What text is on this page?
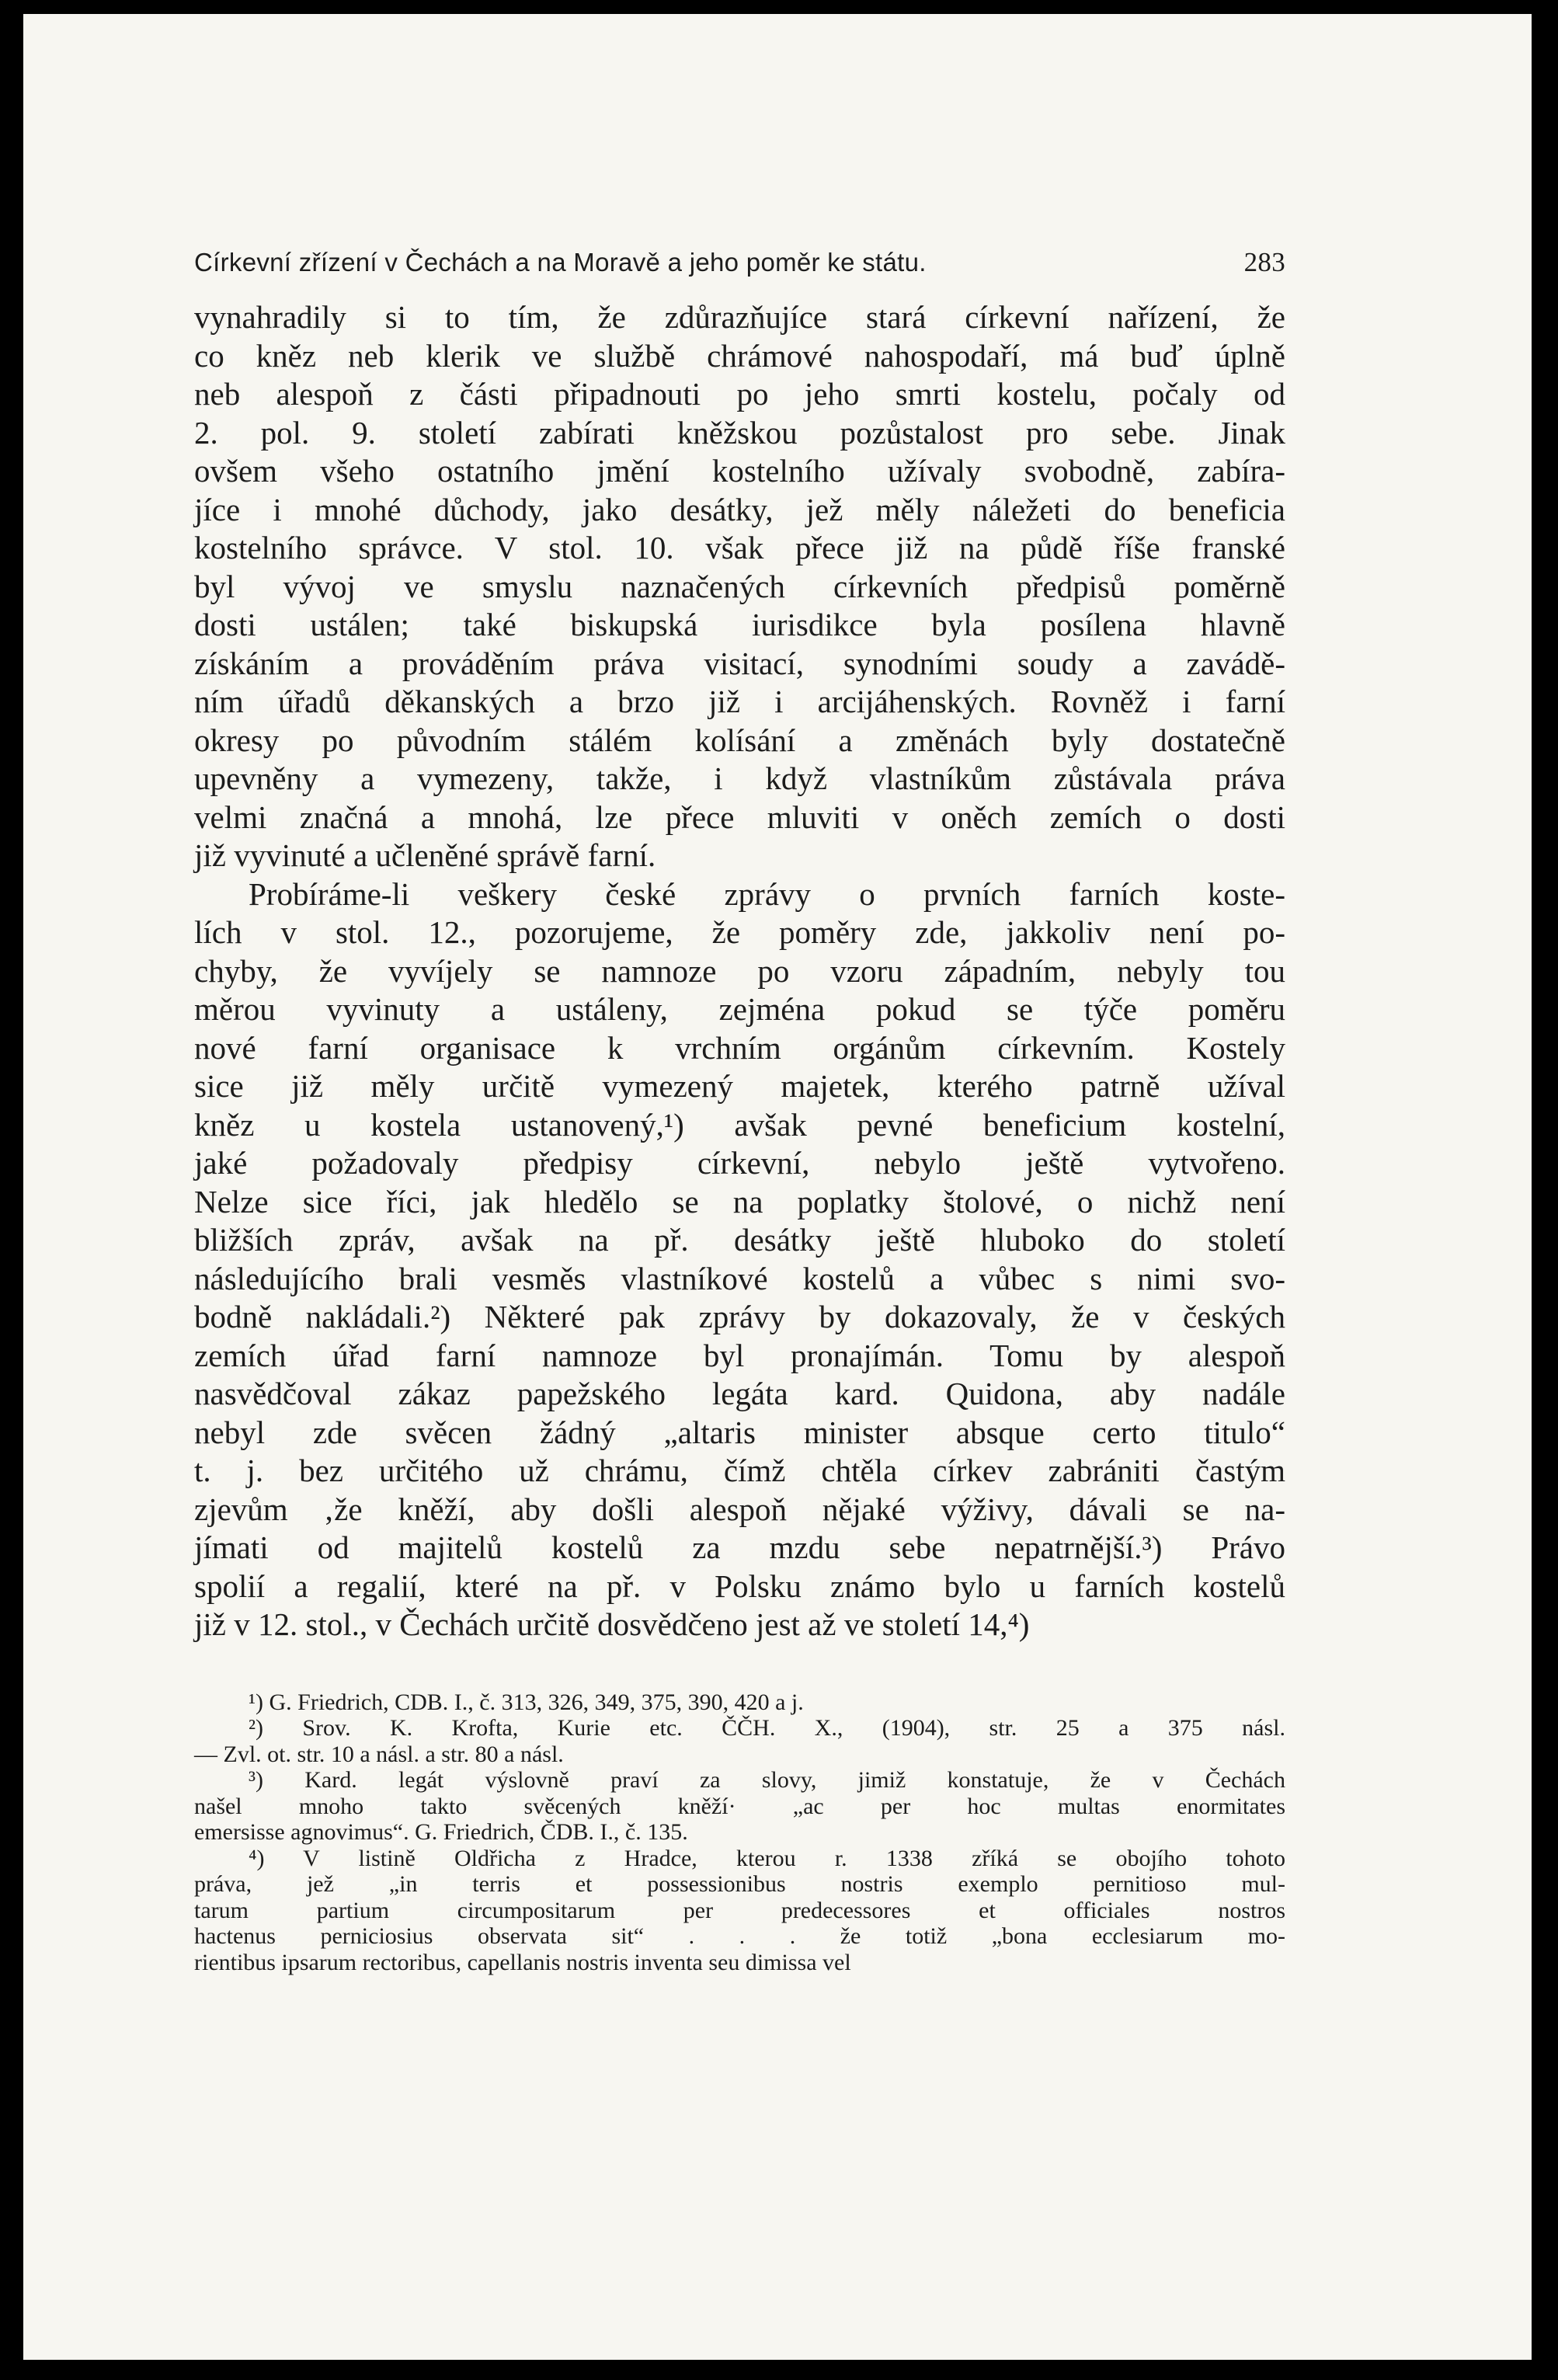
Církevní zřízení v Čechách a na Moravě a jeho poměr ke státu.	283
vynahradily si to tím, že zdůrazňujíce stará církevní nařízení, že
co kněz neb klerik ve službě chrámové nahospodaří, má buď úplně
neb alespoň z části připadnouti po jeho smrti kostelu, počaly od
2. pol. 9. století zabírati kněžskou pozůstalost pro sebe. Jinak
ovšem všeho ostatního jmění kostelního užívaly svobodně, zabíra-
jíce i mnohé důchody, jako desátky, jež měly náležeti do beneficia
kostelního správce. V stol. 10. však přece již na půdě říše franské
byl vývoj ve smyslu naznačených církevních předpisů poměrně
dosti ustálen; také biskupská iurisdikce byla posílena hlavně
získáním a prováděním práva visitací, synodními soudy a zavádě-
ním úřadů děkanských a brzo již i arcijáhenských. Rovněž i farní
okresy po původním stálém kolísání a změnách byly dostatečně
upevněny a vymezeny, takže, i když vlastníkům zůstávala práva
velmi značná a mnohá, lze přece mluviti v oněch zemích o dosti
již vyvinuté a učleněné správě farní.
Probíráme-li veškery české zprávy o prvních farních koste-
lích v stol. 12., pozorujeme, že poměry zde, jakkoliv není po-
chyby, že vyvíjely se namnoze po vzoru západním, nebyly tou
měrou vyvinuty a ustáleny, zejména pokud se týče poměru
nové farní organisace k vrchním orgánům církevním. Kostely
sice již měly určitě vymezený majetek, kterého patrně užíval
kněz u kostela ustanovený,¹) avšak pevné beneficium kostelní,
jaké požadovaly předpisy církevní, nebylo ještě vytvořeno.
Nelze sice říci, jak hledělo se na poplatky štolové, o nichž není
bližších zpráv, avšak na př. desátky ještě hluboko do století
následujícího brali vesměs vlastníkové kostelů a vůbec s nimi svo-
bodně nakládali.²) Některé pak zprávy by dokazovaly, že v českých
zemích úřad farní namnoze byl pronajímán. Tomu by alespoň
nasvědčoval zákaz papežského legáta kard. Quidona, aby nadále
nebyl zde svěcen žádný „altaris minister absque certo titulo“
t. j. bez určitého už chrámu, čímž chtěla církev zabrániti častým
zjevům ‚že kněží, aby došli alespoň nějaké výživy, dávali se na-
jímati od majitelů kostelů za mzdu sebe nepatrnější.³) Právo
spolií a regalií, které na př. v Polsku známo bylo u farních kostelů
již v 12. stol., v Čechách určitě dosvědčeno jest až ve století 14,⁴)
¹) G. Friedrich, CDB. I., č. 313, 326, 349, 375, 390, 420 a j.
²) Srov. K. Krofta, Kurie etc. ČČH. X., (1904), str. 25 a 375 násl.
— Zvl. ot. str. 10 a násl. a str. 80 a násl.
³) Kard. legát výslovně praví za slovy, jimiž konstatuje, že v Čechách
našel mnoho takto svěcených kněží· „ac per hoc multas enormitates
emersisse agnovimus“. G. Friedrich, ČDB. I., č. 135.
⁴) V listině Oldřicha z Hradce, kterou r. 1338 zříká se obojího tohoto
práva, jež „in terris et possessionibus nostris exemplo pernitioso mul-
tarum partium circumpositarum per predecessores et officiales nostros
hactenus perniciosius observata sit“ . . . že totiž „bona ecclesiarum mo-
rientibus ipsarum rectoribus, capellanis nostris inventa seu dimissa vel
